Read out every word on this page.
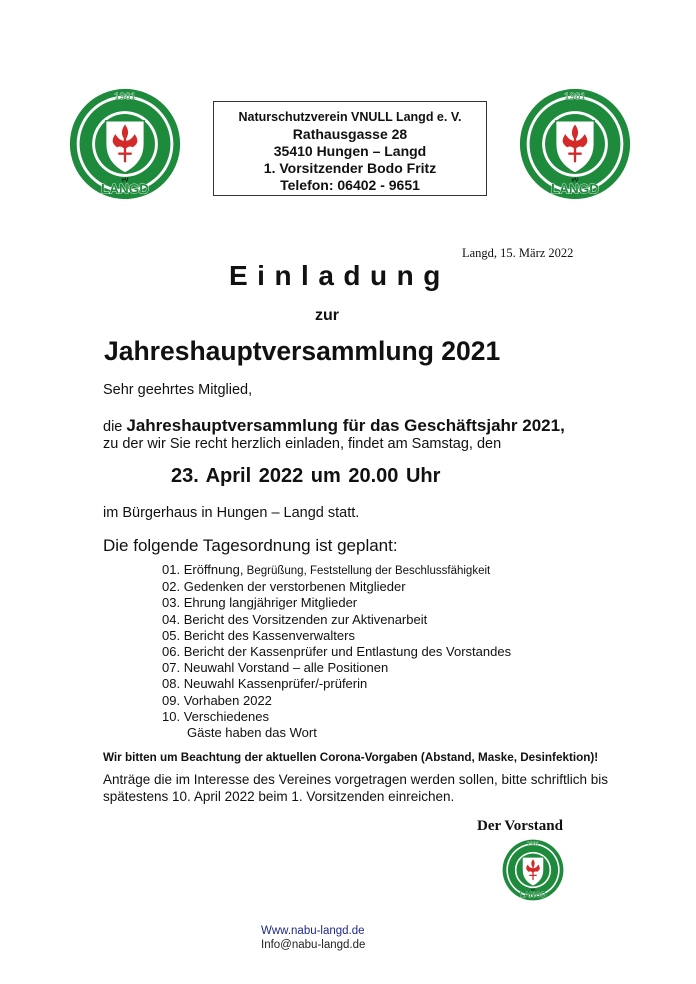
Naturschutzverein VNULL Langd e. V.
Rathausgasse 28
35410 Hungen – Langd
1. Vorsitzender Bodo Fritz
Telefon: 06402 - 9651
Langd, 15. März 2022
Einladung
zur
Jahreshauptversammlung 2021
Sehr geehrtes Mitglied,
die Jahreshauptversammlung für das Geschäftsjahr 2021,
zu der wir Sie recht herzlich einladen, findet am Samstag, den
23. April 2022 um 20.00 Uhr
im Bürgerhaus in Hungen – Langd statt.
Die folgende Tagesordnung ist geplant:
01. Eröffnung, Begrüßung, Feststellung der Beschlussfähigkeit
02. Gedenken der verstorbenen Mitglieder
03. Ehrung langjähriger Mitglieder
04. Bericht des Vorsitzenden zur Aktivenarbeit
05. Bericht des Kassenverwalters
06. Bericht der Kassenprüfer und Entlastung des Vorstandes
07. Neuwahl Vorstand – alle Positionen
08. Neuwahl Kassenprüfer/-prüferin
09. Vorhaben 2022
10. Verschiedenes
Gäste haben das Wort
Wir bitten um Beachtung der aktuellen Corona-Vorgaben (Abstand, Maske, Desinfektion)!
Anträge die im Interesse des Vereines vorgetragen werden sollen, bitte schriftlich bis
spätestens 10. April 2022 beim 1. Vorsitzenden einreichen.
Der Vorstand
Www.nabu-langd.de
Info@nabu-langd.de
